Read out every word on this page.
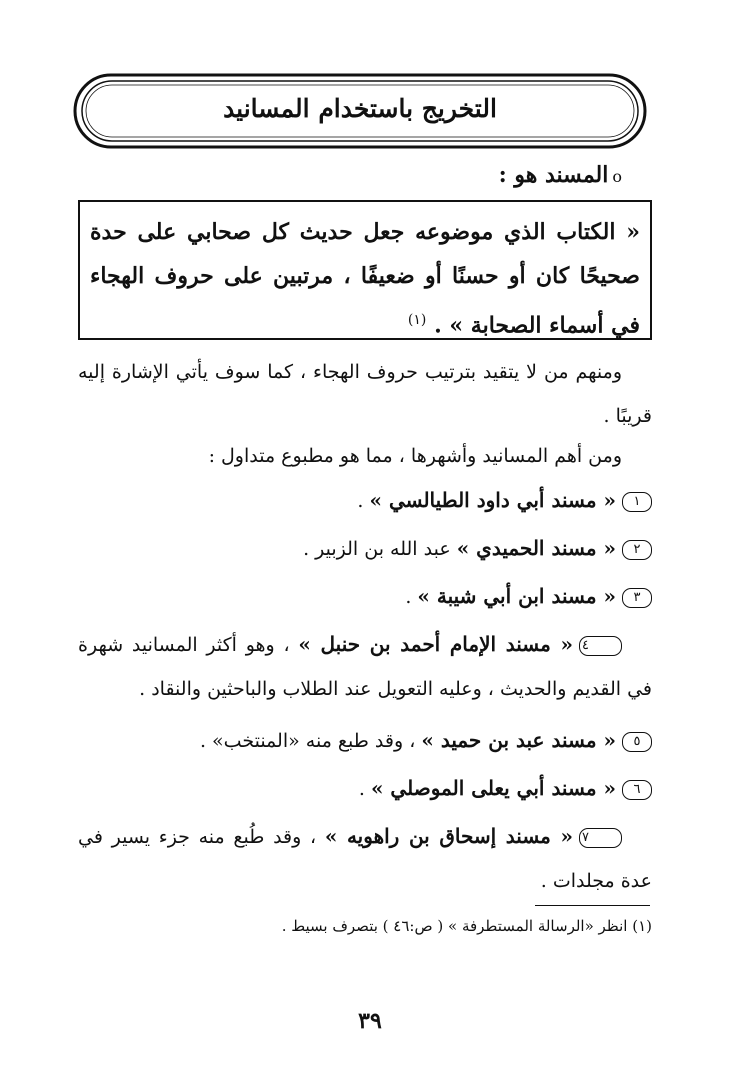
التخريج باستخدام المسانيد
oالمسند هو :

« الكتاب الذي موضوعه جعل حديث كل صحابي على حدة صحيحًا كان أو حسنًا أو ضعيفًا ، مرتبين على حروف الهجاء في أسماء الصحابة » . $^{(١)}$

ومنهم من لا يتقيد بترتيب حروف الهجاء ، كما سوف يأتي الإشارة إليه قريبًا .

ومن أهم المسانيد وأشهرها ، مما هو مطبوع متداول :

١« مسند أبي داود الطيالسي » .

٢« مسند الحميدي » عبد الله بن الزبير .

٣« مسند ابن أبي شيبة » .

٤« مسند الإمام أحمد بن حنبل » ، وهو أكثر المسانيد شهرة في القديم والحديث ، وعليه التعويل عند الطلاب والباحثين والنقاد .

٥« مسند عبد بن حميد » ، وقد طبع منه «المنتخب» .

٦« مسند أبي يعلى الموصلي » .

٧« مسند إسحاق بن راهويه » ، وقد طُبع منه جزء يسير في عدة مجلدات .

(١) انظر «الرسالة المستطرفة » ( ص:٤٦ ) بتصرف بسيط .

٣٩
